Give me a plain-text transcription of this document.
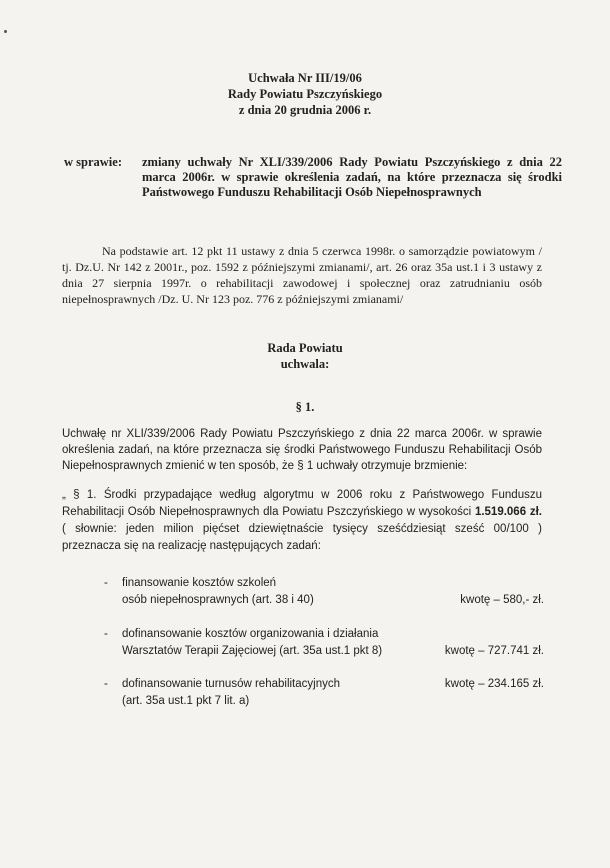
Uchwała Nr III/19/06
Rady Powiatu Pszczyńskiego
z dnia 20 grudnia 2006 r.
w sprawie: zmiany uchwały Nr XLI/339/2006 Rady Powiatu Pszczyńskiego z dnia 22 marca 2006r. w sprawie określenia zadań, na które przeznacza się środki Państwowego Funduszu Rehabilitacji Osób Niepełnosprawnych
Na podstawie art. 12 pkt 11 ustawy z dnia 5 czerwca 1998r. o samorządzie powiatowym / tj. Dz.U. Nr 142 z 2001r., poz. 1592 z późniejszymi zmianami/, art. 26 oraz 35a ust.1 i 3 ustawy z dnia 27 sierpnia 1997r. o rehabilitacji zawodowej i społecznej oraz zatrudnianiu osób niepełnosprawnych /Dz. U. Nr 123 poz. 776 z późniejszymi zmianami/
Rada Powiatu
uchwala:
§ 1.
Uchwałę nr XLI/339/2006 Rady Powiatu Pszczyńskiego z dnia 22 marca 2006r. w sprawie określenia zadań, na które przeznacza się środki Państwowego Funduszu Rehabilitacji Osób Niepełnosprawnych zmienić w ten sposób, że § 1 uchwały otrzymuje brzmienie:
„ § 1. Środki przypadające według algorytmu w 2006 roku z Państwowego Funduszu Rehabilitacji Osób Niepełnosprawnych dla Powiatu Pszczyńskiego w wysokości 1.519.066 zł. ( słownie: jeden milion pięćset dziewiętnaście tysięcy sześćdziesiąt sześć 00/100 ) przeznacza się na realizację następujących zadań:
- finansowanie kosztów szkoleń
osób niepełnosprawnych (art. 38 i 40)	kwotę – 580,- zł.
- dofinansowanie kosztów organizowania i działania
Warsztatów Terapii Zajęciowej (art. 35a ust.1 pkt 8)	kwotę – 727.741 zł.
- dofinansowanie turnusów rehabilitacyjnych
(art. 35a ust.1 pkt 7 lit. a)
kwotę – 234.165 zł.
